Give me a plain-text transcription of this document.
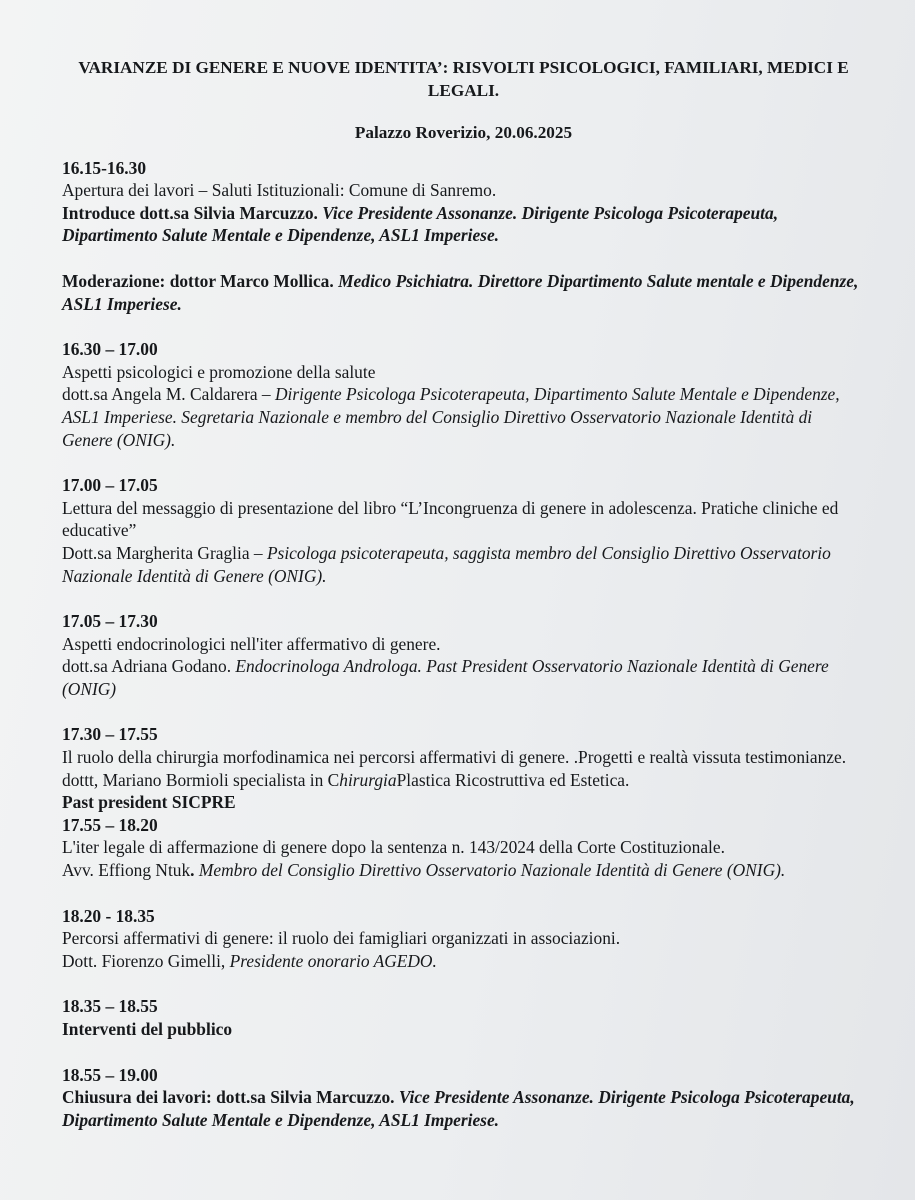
VARIANZE DI GENERE E NUOVE IDENTITA’: RISVOLTI PSICOLOGICI, FAMILIARI, MEDICI E LEGALI.
Palazzo Roverizio, 20.06.2025
16.15-16.30
Apertura dei lavori – Saluti Istituzionali: Comune di Sanremo.
Introduce dott.sa Silvia Marcuzzo. Vice Presidente Assonanze. Dirigente Psicologa Psicoterapeuta, Dipartimento Salute Mentale e Dipendenze, ASL1 Imperiese.
Moderazione: dottor Marco Mollica. Medico Psichiatra. Direttore Dipartimento Salute mentale e Dipendenze, ASL1 Imperiese.
16.30 – 17.00
Aspetti psicologici e promozione della salute
dott.sa Angela M. Caldarera – Dirigente Psicologa Psicoterapeuta, Dipartimento Salute Mentale e Dipendenze, ASL1 Imperiese. Segretaria Nazionale e membro del Consiglio Direttivo Osservatorio Nazionale Identità di Genere (ONIG).
17.00 – 17.05
Lettura del messaggio di presentazione del libro “L’Incongruenza di genere in adolescenza. Pratiche cliniche ed educative”
Dott.sa Margherita Graglia – Psicologa psicoterapeuta, saggista membro del Consiglio Direttivo Osservatorio Nazionale Identità di Genere (ONIG).
17.05 – 17.30
Aspetti endocrinologici nell'iter affermativo di genere.
dott.sa Adriana Godano. Endocrinologa Androloga. Past President Osservatorio Nazionale Identità di Genere (ONIG)
17.30 – 17.55
Il ruolo della chirurgia morfodinamica nei percorsi affermativi di genere. .Progetti e realtà vissuta testimonianze. dottt, Mariano Bormioli specialista in ChirurgiaPlastica Ricostruttiva ed Estetica.
Past president SICPRE
17.55 – 18.20
L'iter legale di affermazione di genere dopo la sentenza n. 143/2024 della Corte Costituzionale.
Avv. Effiong Ntuk. Membro del Consiglio Direttivo Osservatorio Nazionale Identità di Genere (ONIG).
18.20 - 18.35
Percorsi affermativi di genere: il ruolo dei famigliari organizzati in associazioni.
Dott. Fiorenzo Gimelli, Presidente onorario AGEDO.
18.35 – 18.55
Interventi del pubblico
18.55 – 19.00
Chiusura dei lavori: dott.sa Silvia Marcuzzo. Vice Presidente Assonanze. Dirigente Psicologa Psicoterapeuta, Dipartimento Salute Mentale e Dipendenze, ASL1 Imperiese.
